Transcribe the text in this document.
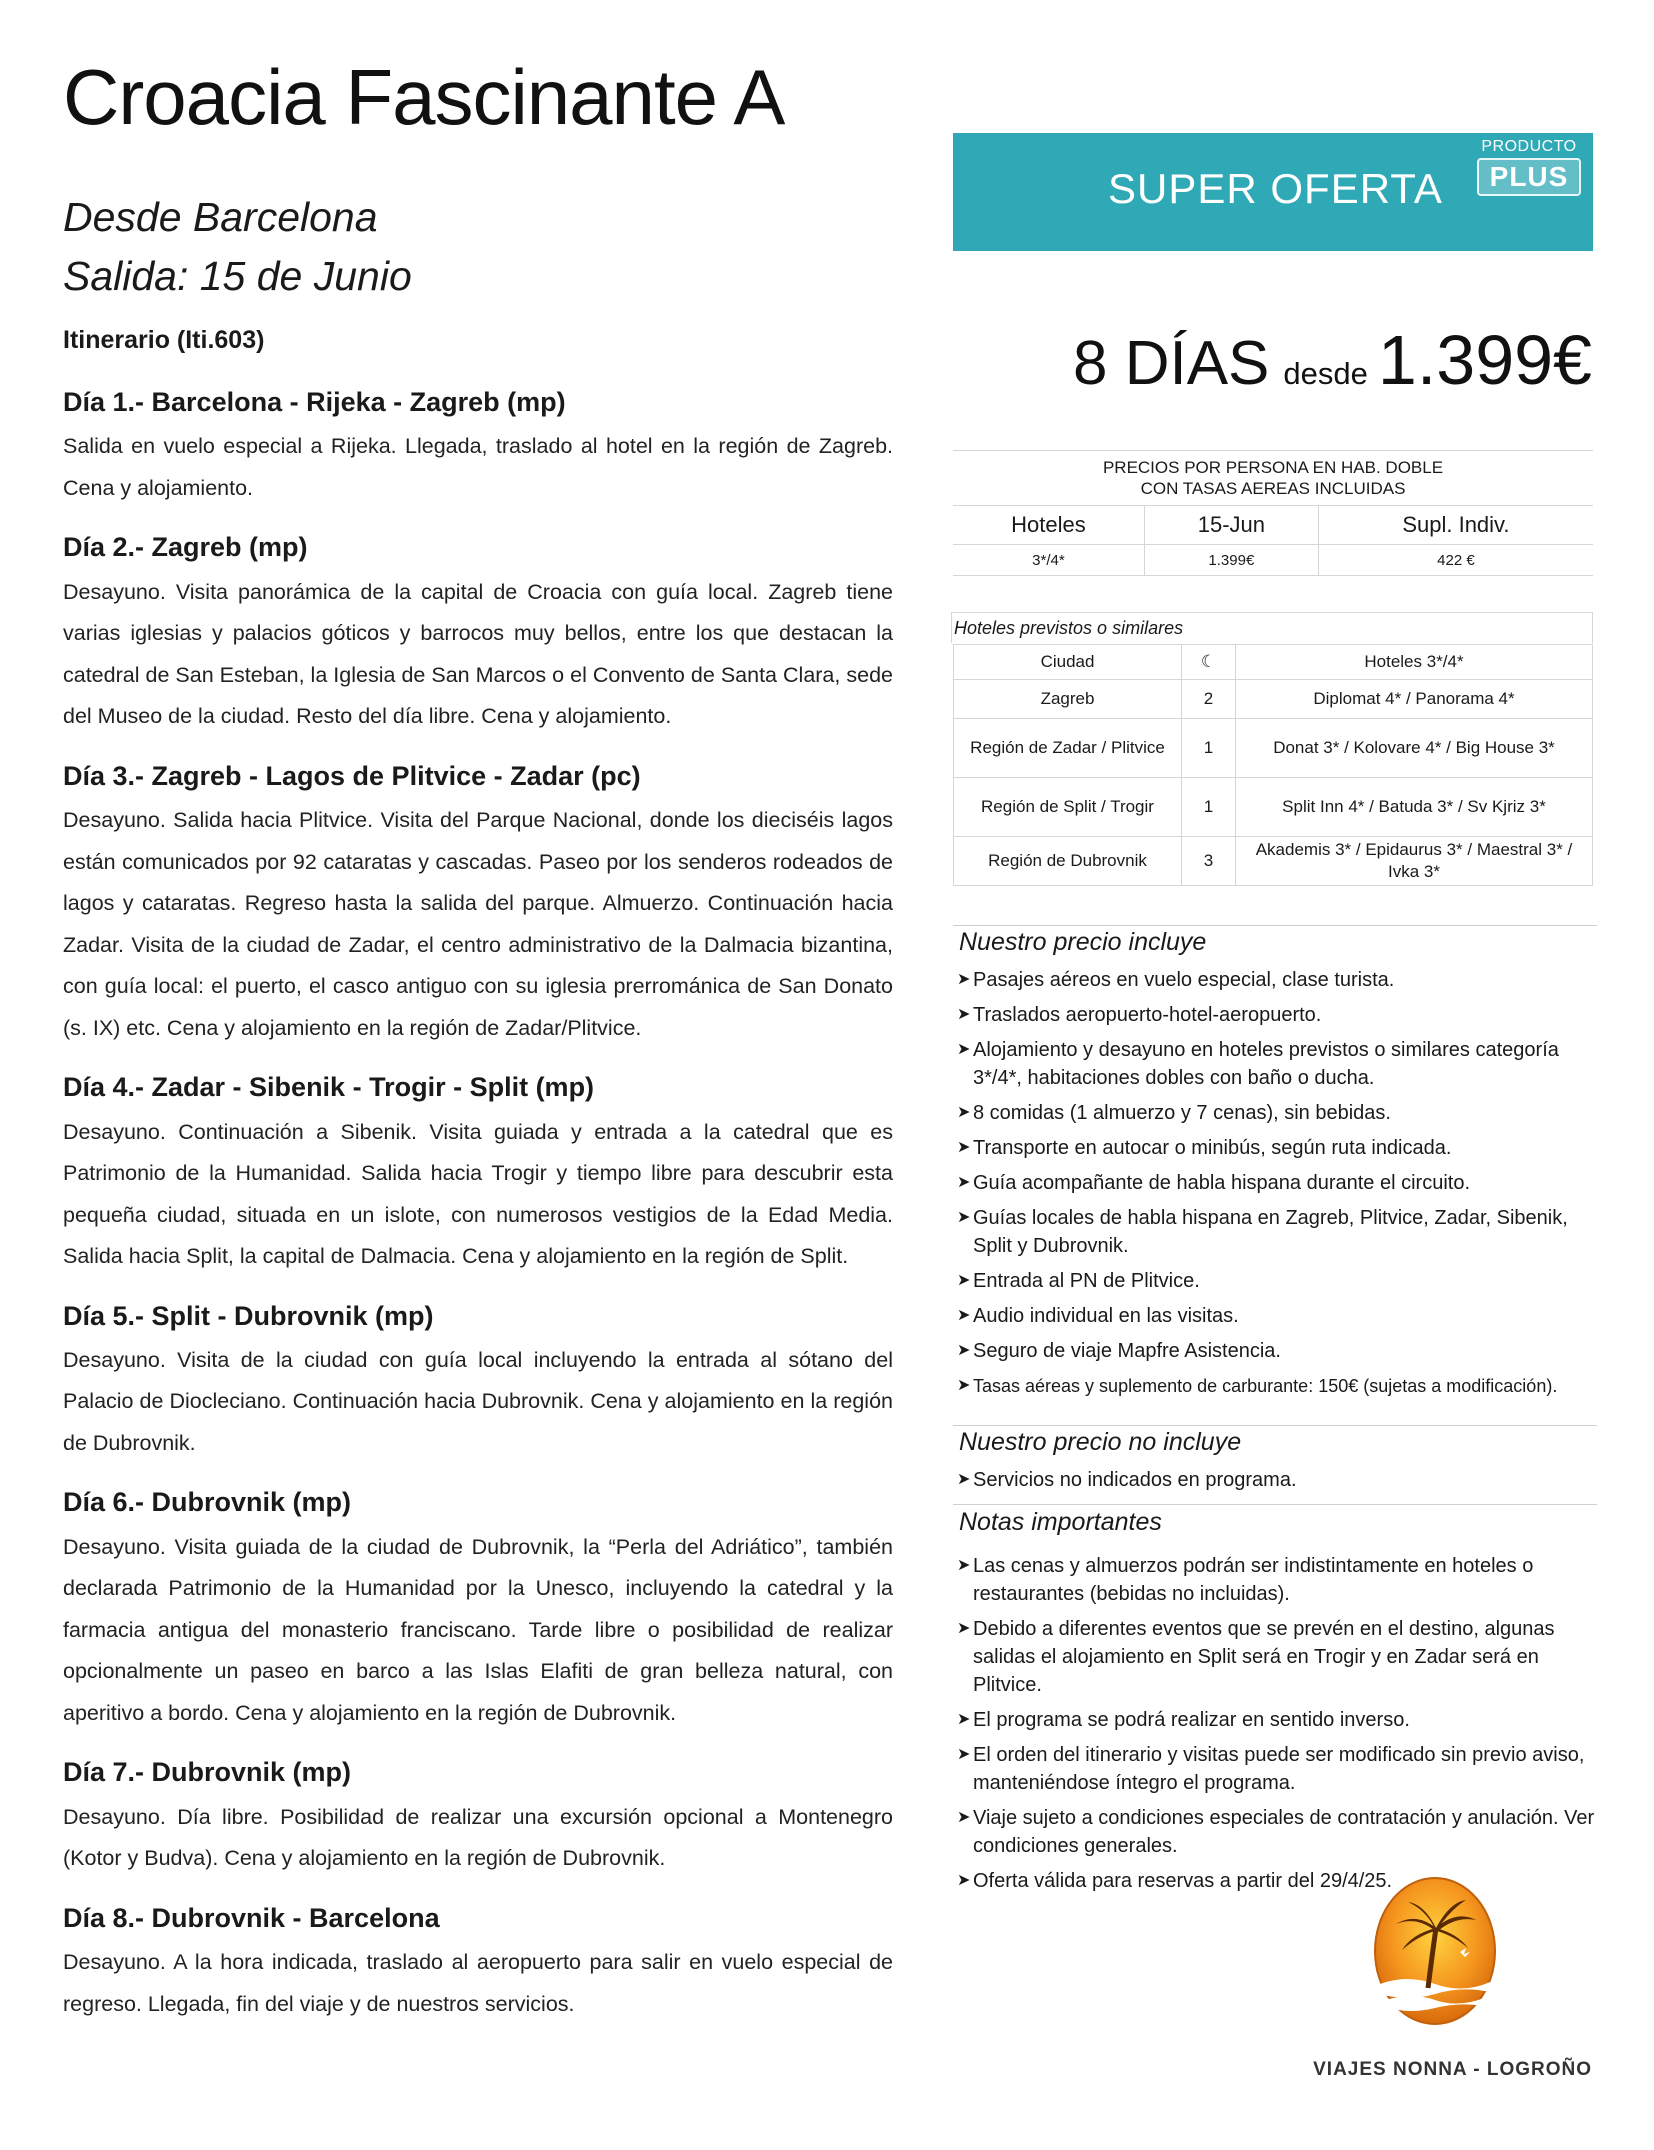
Croacia Fascinante A
Desde Barcelona
Salida: 15 de Junio
Itinerario (Iti.603)
Día 1.- Barcelona - Rijeka - Zagreb (mp)
Salida en vuelo especial a Rijeka. Llegada, traslado al hotel en la región de Zagreb. Cena y alojamiento.
Día 2.- Zagreb (mp)
Desayuno. Visita panorámica de la capital de Croacia con guía local. Zagreb tiene varias iglesias y palacios góticos y barrocos muy bellos, entre los que destacan la catedral de San Esteban, la Iglesia de San Marcos o el Convento de Santa Clara, sede del Museo de la ciudad. Resto del día libre. Cena y alojamiento.
Día 3.- Zagreb - Lagos de Plitvice - Zadar (pc)
Desayuno. Salida hacia Plitvice. Visita del Parque Nacional, donde los dieciséis lagos están comunicados por 92 cataratas y cascadas. Paseo por los senderos rodeados de lagos y cataratas. Regreso hasta la salida del parque. Almuerzo. Continuación hacia Zadar. Visita de la ciudad de Zadar, el centro administrativo de la Dalmacia bizantina, con guía local: el puerto, el casco antiguo con su iglesia prerrománica de San Donato (s. IX) etc. Cena y alojamiento en la región de Zadar/Plitvice.
Día 4.- Zadar - Sibenik - Trogir - Split (mp)
Desayuno. Continuación a Sibenik. Visita guiada y entrada a la catedral que es Patrimonio de la Humanidad. Salida hacia Trogir y tiempo libre para descubrir esta pequeña ciudad, situada en un islote, con numerosos vestigios de la Edad Media. Salida hacia Split, la capital de Dalmacia. Cena y alojamiento en la región de Split.
Día 5.- Split - Dubrovnik (mp)
Desayuno. Visita de la ciudad con guía local incluyendo la entrada al sótano del Palacio de Diocleciano. Continuación hacia Dubrovnik. Cena y alojamiento en la región de Dubrovnik.
Día 6.- Dubrovnik (mp)
Desayuno. Visita guiada de la ciudad de Dubrovnik, la “Perla del Adriático”, también declarada Patrimonio de la Humanidad por la Unesco, incluyendo la catedral y la farmacia antigua del monasterio franciscano. Tarde libre o posibilidad de realizar opcionalmente un paseo en barco a las Islas Elafiti de gran belleza natural, con aperitivo a bordo. Cena y alojamiento en la región de Dubrovnik.
Día 7.- Dubrovnik (mp)
Desayuno. Día libre. Posibilidad de realizar una excursión opcional a Montenegro (Kotor y Budva). Cena y alojamiento en la región de Dubrovnik.
Día 8.- Dubrovnik - Barcelona
Desayuno. A la hora indicada, traslado al aeropuerto para salir en vuelo especial de regreso. Llegada, fin del viaje y de nuestros servicios.
SUPER OFERTA
PRODUCTO
PLUS
8 DÍAS desde 1.399€
PRECIOS POR PERSONA EN HAB. DOBLE
CON TASAS AEREAS INCLUIDAS		

Hoteles	15-Jun	Supl. Indiv.
3*/4*	1.399€	422 €
Hoteles previstos o similares
Ciudad	☾	Hoteles 3*/4*
Zagreb	2	Diplomat 4* / Panorama 4*
Región de Zadar / Plitvice	1	Donat 3* / Kolovare 4* / Big House 3*
Región de Split / Trogir	1	Split Inn 4* / Batuda 3* / Sv Kjriz 3*
Región de Dubrovnik	3	Akademis 3* / Epidaurus 3* / Maestral 3* / Ivka 3*
Nuestro precio incluye
➤ Pasajes aéreos en vuelo especial, clase turista.
➤ Traslados aeropuerto-hotel-aeropuerto.
➤ Alojamiento y desayuno en hoteles previstos o similares categoría 3*/4*, habitaciones dobles con baño o ducha.
➤ 8 comidas (1 almuerzo y 7 cenas), sin bebidas.
➤ Transporte en autocar o minibús, según ruta indicada.
➤ Guía acompañante de habla hispana durante el circuito.
➤ Guías locales de habla hispana en Zagreb, Plitvice, Zadar, Sibenik, Split y Dubrovnik.
➤ Entrada al PN de Plitvice.
➤ Audio individual en las visitas.
➤ Seguro de viaje Mapfre Asistencia.
➤ Tasas aéreas y suplemento de carburante: 150€ (sujetas a modificación).
Nuestro precio no incluye
➤ Servicios no indicados en programa.
Notas importantes
➤ Las cenas y almuerzos podrán ser indistintamente en hoteles o restaurantes (bebidas no incluidas).
➤ Debido a diferentes eventos que se prevén en el destino, algunas salidas el alojamiento en Split será en Trogir y en Zadar será en Plitvice.
➤ El programa se podrá realizar en sentido inverso.
➤ El orden del itinerario y visitas puede ser modificado sin previo aviso, manteniéndose íntegro el programa.
➤ Viaje sujeto a condiciones especiales de contratación y anulación. Ver condiciones generales.
➤ Oferta válida para reservas a partir del 29/4/25.
VIAJES NONNA - LOGROÑO
